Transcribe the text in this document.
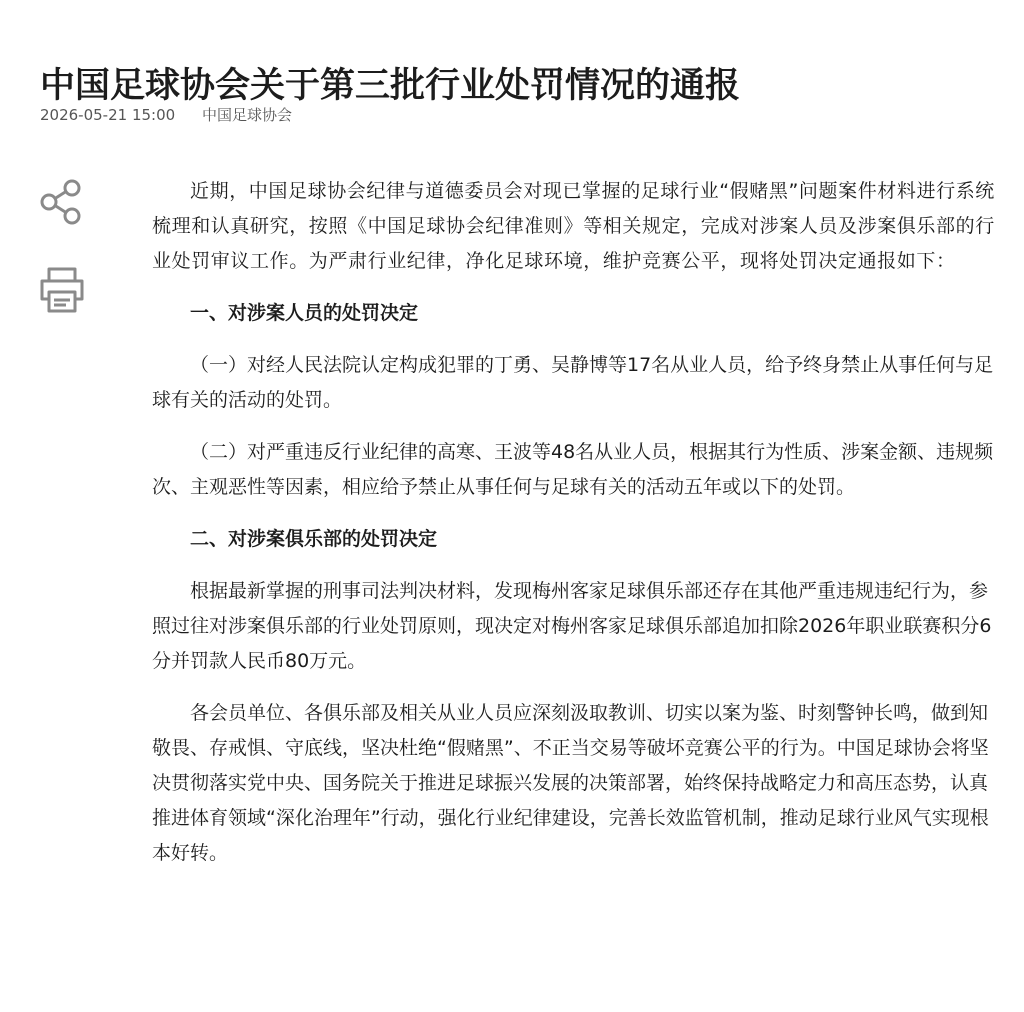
中国足球协会关于第三批行业处罚情况的通报
2026-05-21 15:00 中国足球协会

近期，中国足球协会纪律与道德委员会对现已掌握的足球行业“假赌黑”问题案件材料进行系统梳理和认真研究，按照《中国足球协会纪律准则》等相关规定，完成对涉案人员及涉案俱乐部的行业处罚审议工作。为严肃行业纪律，净化足球环境，维护竞赛公平，现将处罚决定通报如下：

一、对涉案人员的处罚决定

（一）对经人民法院认定构成犯罪的丁勇、吴静博等17名从业人员，给予终身禁止从事任何与足球有关的活动的处罚。

（二）对严重违反行业纪律的高寒、王波等48名从业人员，根据其行为性质、涉案金额、违规频次、主观恶性等因素，相应给予禁止从事任何与足球有关的活动五年或以下的处罚。

二、对涉案俱乐部的处罚决定

根据最新掌握的刑事司法判决材料，发现梅州客家足球俱乐部还存在其他严重违规违纪行为，参照过往对涉案俱乐部的行业处罚原则，现决定对梅州客家足球俱乐部追加扣除2026年职业联赛积分6分并罚款人民币80万元。

各会员单位、各俱乐部及相关从业人员应深刻汲取教训、切实以案为鉴、时刻警钟长鸣，做到知敬畏、存戒惧、守底线，坚决杜绝“假赌黑”、不正当交易等破坏竞赛公平的行为。中国足球协会将坚决贯彻落实党中央、国务院关于推进足球振兴发展的决策部署，始终保持战略定力和高压态势，认真推进体育领域“深化治理年”行动，强化行业纪律建设，完善长效监管机制，推动足球行业风气实现根本好转。
